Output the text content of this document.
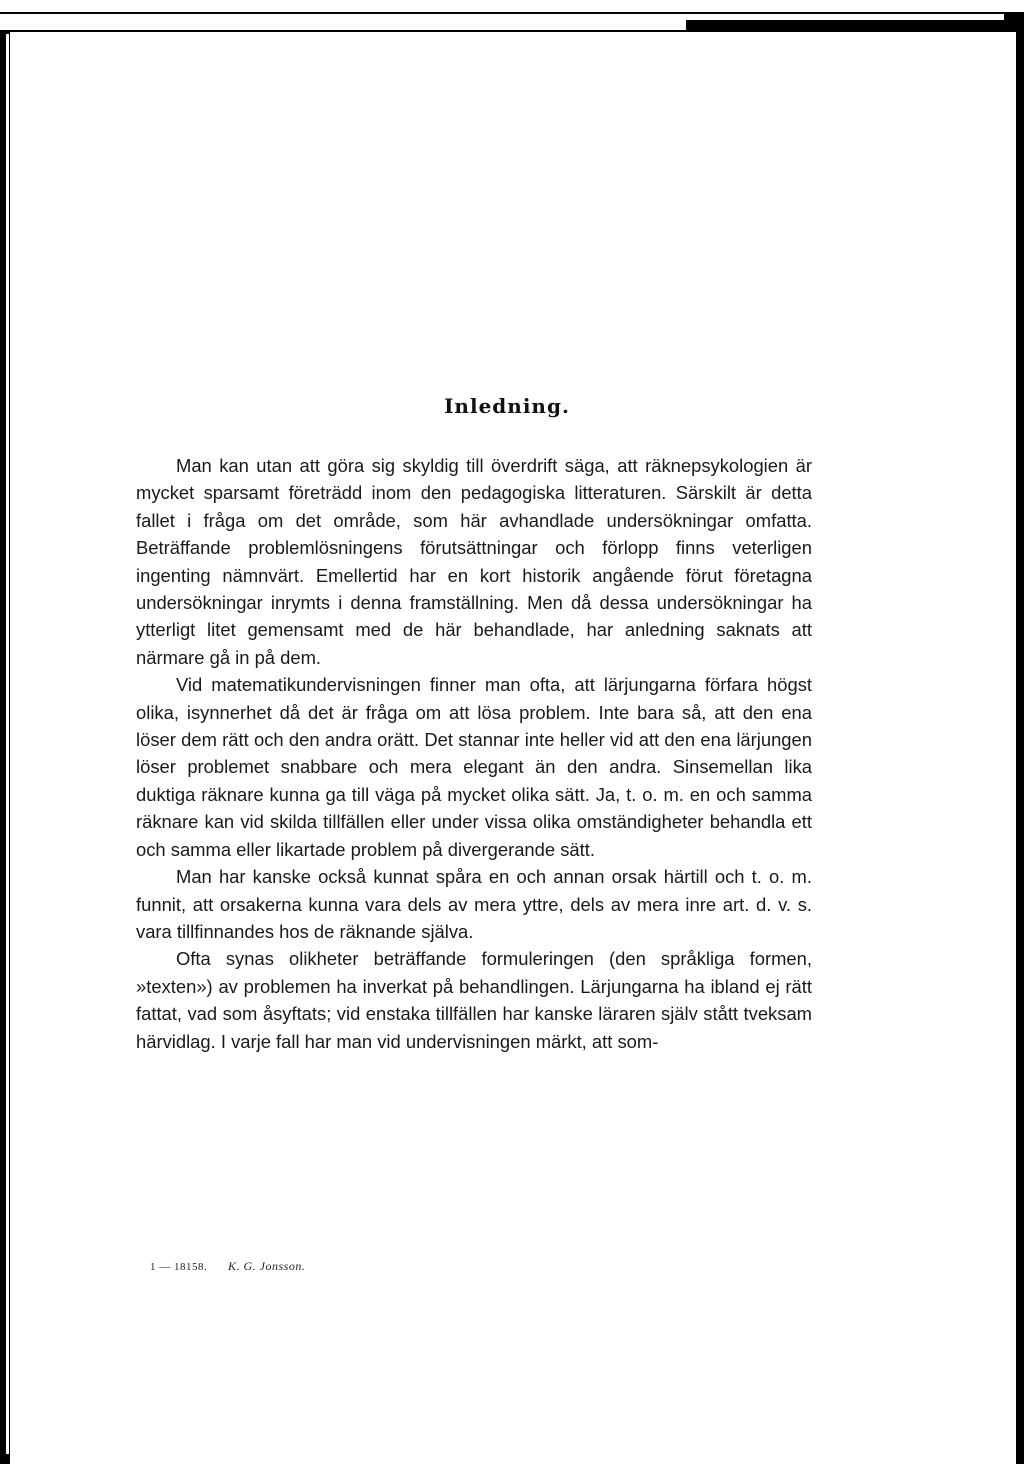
Inledning.

Man kan utan att göra sig skyldig till överdrift säga, att räknepsykologien är mycket sparsamt företrädd inom den pedagogiska litteraturen. Särskilt är detta fallet i fråga om det område, som här avhandlade undersökningar omfatta. Beträffande problemlösningens förutsättningar och förlopp finns veterligen ingenting nämnvärt. Emellertid har en kort historik angående förut företagna undersökningar inrymts i denna framställning. Men då dessa undersökningar ha ytterligt litet gemensamt med de här behandlade, har anledning saknats att närmare gå in på dem.

Vid matematikundervisningen finner man ofta, att lärjungarna förfara högst olika, isynnerhet då det är fråga om att lösa problem. Inte bara så, att den ena löser dem rätt och den andra orätt. Det stannar inte heller vid att den ena lärjungen löser problemet snabbare och mera elegant än den andra. Sinsemellan lika duktiga räknare kunna ga till väga på mycket olika sätt. Ja, t. o. m. en och samma räknare kan vid skilda tillfällen eller under vissa olika omständigheter behandla ett och samma eller likartade problem på divergerande sätt.

Man har kanske också kunnat spåra en och annan orsak härtill och t. o. m. funnit, att orsakerna kunna vara dels av mera yttre, dels av mera inre art. d. v. s. vara tillfinnandes hos de räknande själva.

Ofta synas olikheter beträffande formuleringen (den språkliga formen, »texten») av problemen ha inverkat på behandlingen. Lärjungarna ha ibland ej rätt fattat, vad som åsyftats; vid enstaka tillfällen har kanske läraren själv stått tveksam härvidlag. I varje fall har man vid undervisningen märkt, att som-

1 — 18158. K. G. Jonsson.
